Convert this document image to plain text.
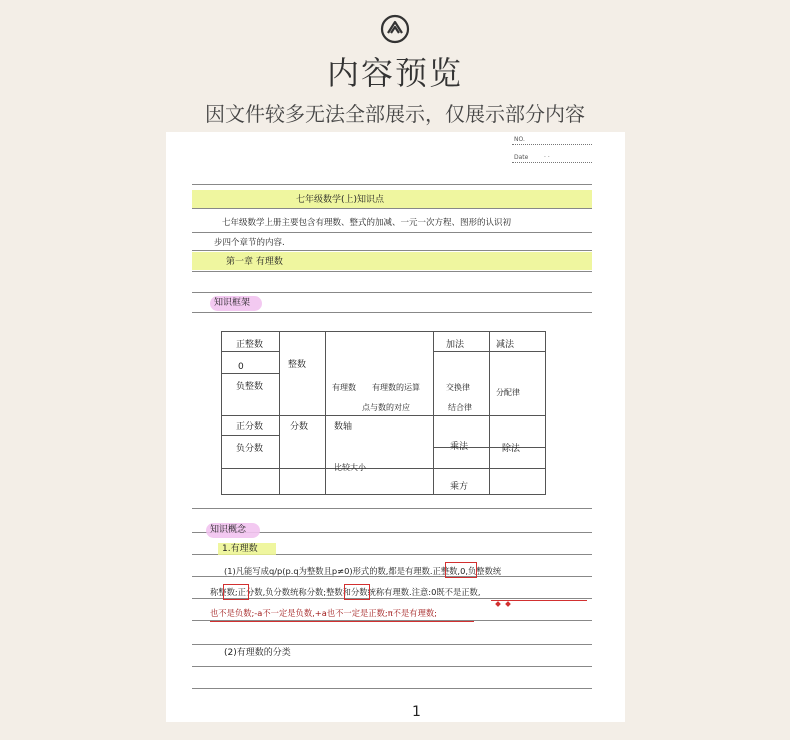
内容预览
因文件较多无法全部展示，仅展示部分内容
NO.
Date	· ·
七年级数学(上)知识点
七年级数学上册主要包含有理数、整式的加减、一元一次方程、图形的认识初
步四个章节的内容.
第一章 有理数
知识框架
正整数
0
负整数
正分数
负分数
整数
分数
有理数 有理数的运算
点与数的对应
数轴
比较大小
加法
交换律
结合律
乘法
乘方
减法
分配律
除法
知识概念
1.有理数
(1)凡能写成q/p(p.q为整数且p≠0)形式的数,都是有理数.正整数,0,负整数统
称整数;正分数,负分数统称分数;整数和分数统称有理数.注意:0既不是正数,
也不是负数;-a不一定是负数,+a也不一定是正数;π不是有理数;
(2)有理数的分类
1
